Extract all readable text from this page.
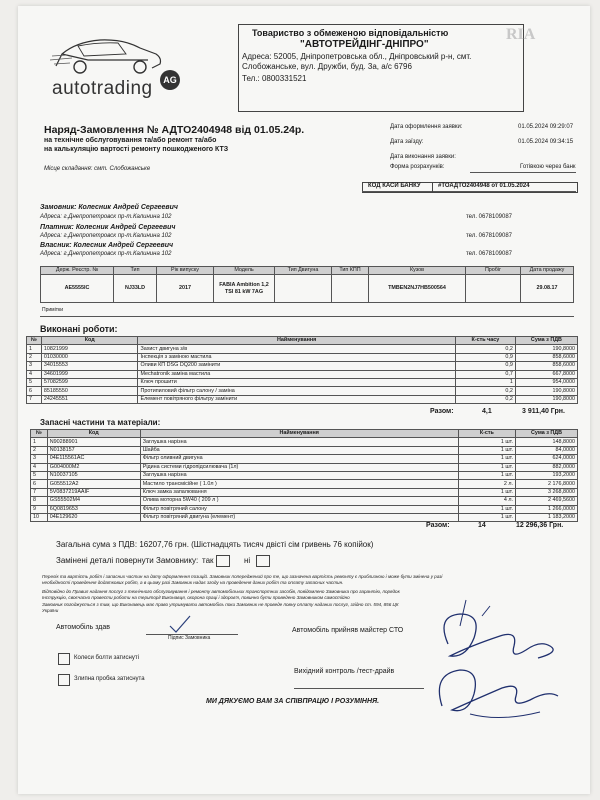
autotrading	AG
Товариство з обмеженою відповідальністю
"АВТОТРЕЙДІНГ-ДНІПРО"
Адреса: 52005, Дніпропетровська обл., Дніпровський р-н, смт.
Слобожанське, вул. Дружби, буд. 3а, а/с 6796
Тел.: 0800331521
RIA
Наряд-Замовлення № АДТО2404948 від 01.05.24р.
на технічне обслуговування та/або ремонт та/або
на калькуляцію вартості ремонту пошкодженого КТЗ
Місце складання: смт. Слобожанське
Дата оформлення заявки:	01.05.2024 09:29:07
Дата заїзду:	01.05.2024 09:34:15
Дата виконання заявки:
Форма розрахунків:	Готівкою через банк
КОД КАСИ БАНКУ	#ТОАДТО2404948 от 01.05.2024
Замовник: Колесник Андрей Сергеевич
Адреса: г.Днепропетровск пр-т.Калинина 102	тел. 0678109087
Платник: Колесник Андрей Сергеевич
Адреса: г.Днепропетровск пр-т.Калинина 102	тел. 0678109087
Власник: Колесник Андрей Сергеевич
Адреса: г.Днепропетровск пр-т.Калинина 102	тел. 0678109087
Держ. Реєстр. №	Тип	Рік випуску	Модель	Тип Двигуна	Тип КПП	Кузов	Пробіг	Дата продажу
AE5555IC	NJ33LD	2017	FABIA Ambition 1,2 TSI 81 kW 7AG			TMBEN2NJ7HB500564		29.08.17
Примітки
Виконані роботи:
№	Код	Найменування	К-сть часу	Сума з ПДВ
1	10821999	Захист двигуна з/в	0,2	190,8000
2	01030000	Інспекція з заміною мастила	0,9	858,6000
3	34015553	Оливи КП DSG DQ200 замінити	0,9	858,6000
4	34601999	Mechatronik заміна мастила	0,7	667,8000
5	57082599	Ключ прошити	1	954,0000
6	85185550	Протипиловий фільтр салону / заміна	0,2	190,8000
7	24245551	Елемент повітряного фільтру замінити	0,2	190,8000
Разом:	4,1	3 911,40 Грн.
Запасні частини та матеріали:
№	Код	Найменування	К-сть	Сума з ПДВ
1	N90288901	Заглушка нарізна	1 шт.	148,8000
2	N0138157	Шайба	1 шт.	84,0000
3	04E115561AC	Фільтр оливний двигуна	1 шт.	624,0000
4	G004000M2	Рідина системи гідропідсилювача (1л)	1 шт.	882,0000
5	N10037105	Заглушка нарізна	1 шт.	193,2000
6	G055512A2	Мастило трансмісійне ( 1.0л )	2 л.	2 176,8000
7	5V0837219AAIF	Ключ замка запалювання	1 шт.	3 268,8000
8	GS55502M4	Олива моторна 5W40 ( 209 л )	4 л.	2 469,5600
9	6Q0819653	Фільтр повітряний салону	1 шт.	1 266,0000
10	04E129620	Фільтр повітряний двигуна (елемент)	1 шт.	1 183,2000
Разом:	14	12 296,36 Грн.
Загальна сума з ПДВ: 16207,76 грн. (Шістнадцять тисяч двісті сім гривень 76 копійок)
Замінені деталі повернути Замовнику: так	ні
Перелік та вартість робіт і запасних частин на дату оформлення позицій. Замовник попереджений про те, що зазначена вартість ремонту є приблизною і може бути змінена у разі
необхідності проведення додаткових робіт, а в цьому разі Замовник надає згоду на проведення даних робіт та оплату запасних частин.
Відповідно до Правил надання послуг з технічного обслуговування і ремонту автомобільних транспортних засобів, повідомлено Замовника про гарантію, порядок
Інструкцію, своєчасно провести роботи на території Виконавця, охорона праці і здоров'я, повинно бути проведено Замовником самостійно
Замовник погоджується з тим, що Виконавець має право утримувати автомобіль поки Замовник не проведе повну оплату наданих послуг, згідно ст. 594, 856 ЦК
України
Автомобіль здав
Підпис Замовника
Автомобіль прийняв майстер СТО
Колеси болти затиснуті
Злипна пробка затиснута
Вихідний контроль /тест-драйв
МИ ДЯКУЄМО ВАМ ЗА СПІВПРАЦЮ І РОЗУМІННЯ.
